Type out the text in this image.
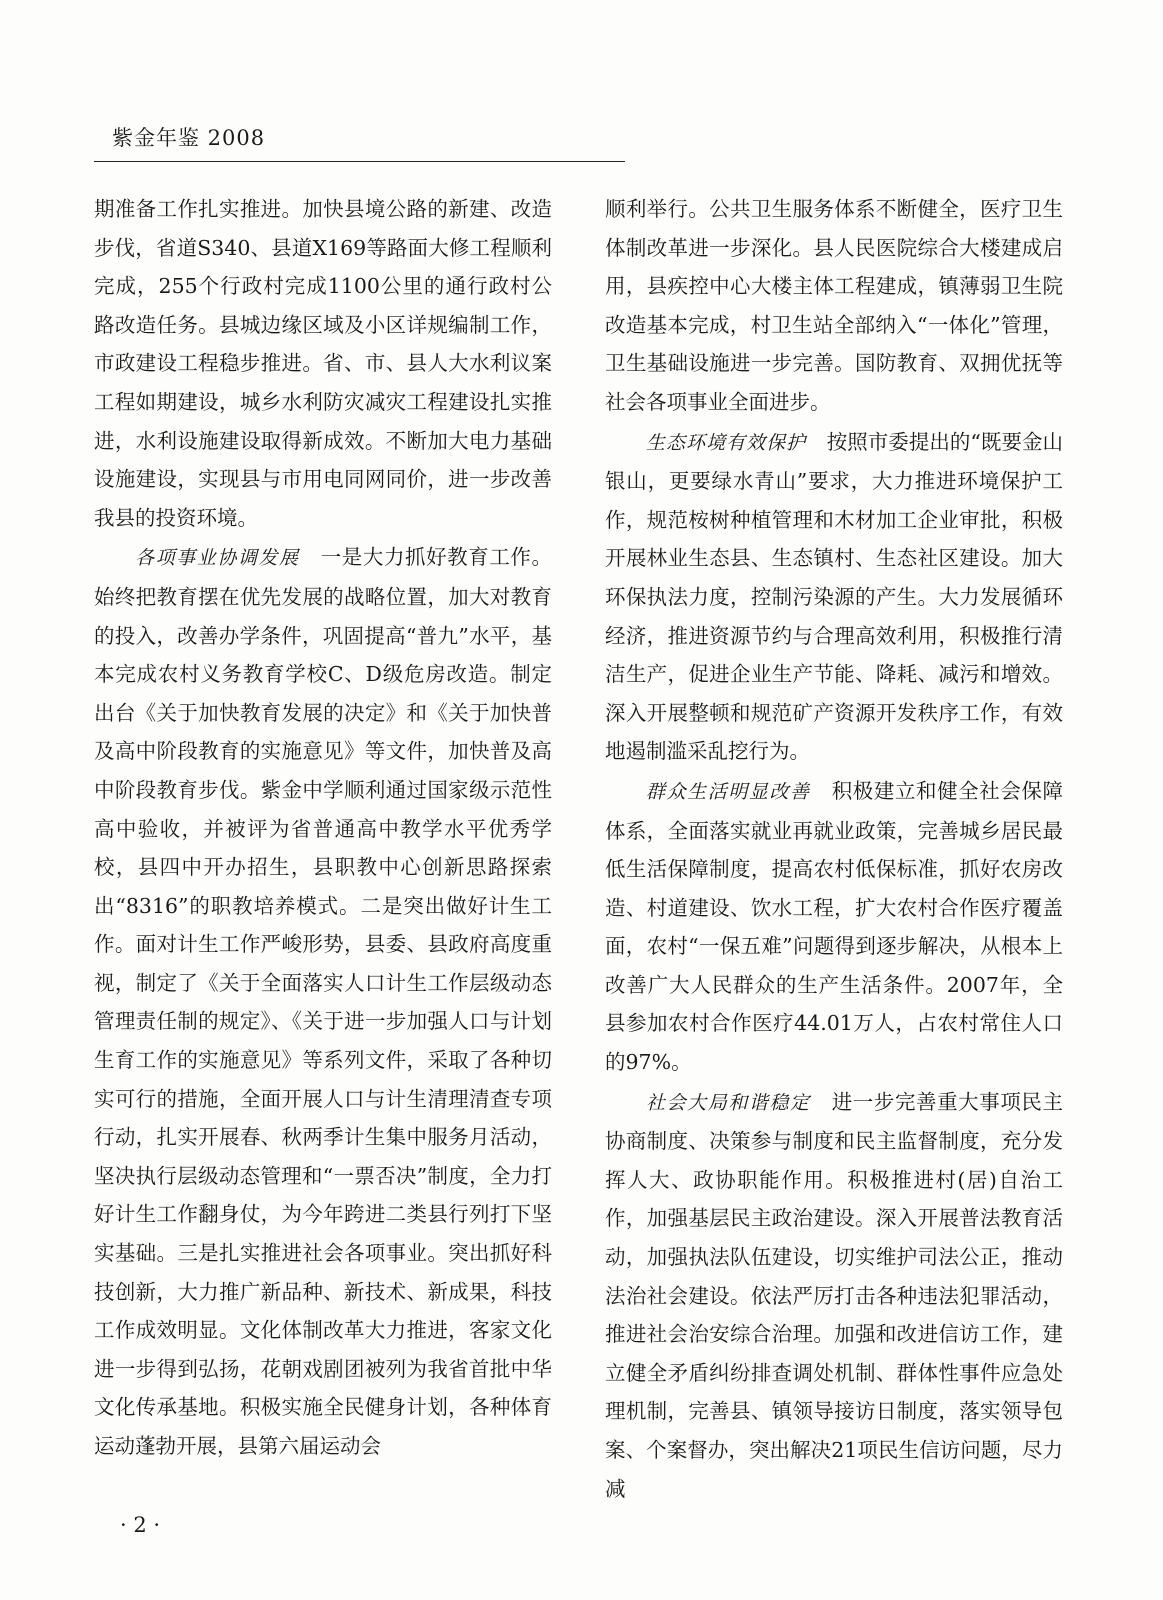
紫金年鉴 2008

期准备工作扎实推进。加快县境公路的新建、改造步伐，省道S340、县道X169等路面大修工程顺利完成，255个行政村完成1100公里的通行政村公路改造任务。县城边缘区域及小区详规编制工作，市政建设工程稳步推进。省、市、县人大水利议案工程如期建设，城乡水利防灾减灾工程建设扎实推进，水利设施建设取得新成效。不断加大电力基础设施建设，实现县与市用电同网同价，进一步改善我县的投资环境。

各项事业协调发展　 一是大力抓好教育工作。始终把教育摆在优先发展的战略位置，加大对教育的投入，改善办学条件，巩固提高“普九”水平，基本完成农村义务教育学校C、D级危房改造。制定出台《关于加快教育发展的决定》和《关于加快普及高中阶段教育的实施意见》等文件，加快普及高中阶段教育步伐。紫金中学顺利通过国家级示范性高中验收，并被评为省普通高中教学水平优秀学校，县四中开办招生，县职教中心创新思路探索出“8316”的职教培养模式。二是突出做好计生工作。面对计生工作严峻形势，县委、县政府高度重视，制定了《关于全面落实人口计生工作层级动态管理责任制的规定》、《关于进一步加强人口与计划生育工作的实施意见》等系列文件，采取了各种切实可行的措施，全面开展人口与计生清理清查专项行动，扎实开展春、秋两季计生集中服务月活动，坚决执行层级动态管理和“一票否决”制度，全力打好计生工作翻身仗，为今年跨进二类县行列打下坚实基础。三是扎实推进社会各项事业。突出抓好科技创新，大力推广新品种、新技术、新成果，科技工作成效明显。文化体制改革大力推进，客家文化进一步得到弘扬，花朝戏剧团被列为我省首批中华文化传承基地。积极实施全民健身计划，各种体育运动蓬勃开展，县第六届运动会

顺利举行。公共卫生服务体系不断健全，医疗卫生体制改革进一步深化。县人民医院综合大楼建成启用，县疾控中心大楼主体工程建成，镇薄弱卫生院改造基本完成，村卫生站全部纳入“一体化”管理，卫生基础设施进一步完善。国防教育、双拥优抚等社会各项事业全面进步。

生态环境有效保护　 按照市委提出的“既要金山银山，更要绿水青山”要求，大力推进环境保护工作，规范桉树种植管理和木材加工企业审批，积极开展林业生态县、生态镇村、生态社区建设。加大环保执法力度，控制污染源的产生。大力发展循环经济，推进资源节约与合理高效利用，积极推行清洁生产，促进企业生产节能、降耗、减污和增效。深入开展整顿和规范矿产资源开发秩序工作，有效地遏制滥采乱挖行为。

群众生活明显改善　 积极建立和健全社会保障体系，全面落实就业再就业政策，完善城乡居民最低生活保障制度，提高农村低保标准，抓好农房改造、村道建设、饮水工程，扩大农村合作医疗覆盖面，农村“一保五难”问题得到逐步解决，从根本上改善广大人民群众的生产生活条件。2007年，全县参加农村合作医疗44.01万人，占农村常住人口的97%。

社会大局和谐稳定　 进一步完善重大事项民主协商制度、决策参与制度和民主监督制度，充分发挥人大、政协职能作用。积极推进村(居)自治工作，加强基层民主政治建设。深入开展普法教育活动，加强执法队伍建设，切实维护司法公正，推动法治社会建设。依法严厉打击各种违法犯罪活动，推进社会治安综合治理。加强和改进信访工作，建立健全矛盾纠纷排查调处机制、群体性事件应急处理机制，完善县、镇领导接访日制度，落实领导包案、个案督办，突出解决21项民生信访问题，尽力减

· 2 ·
